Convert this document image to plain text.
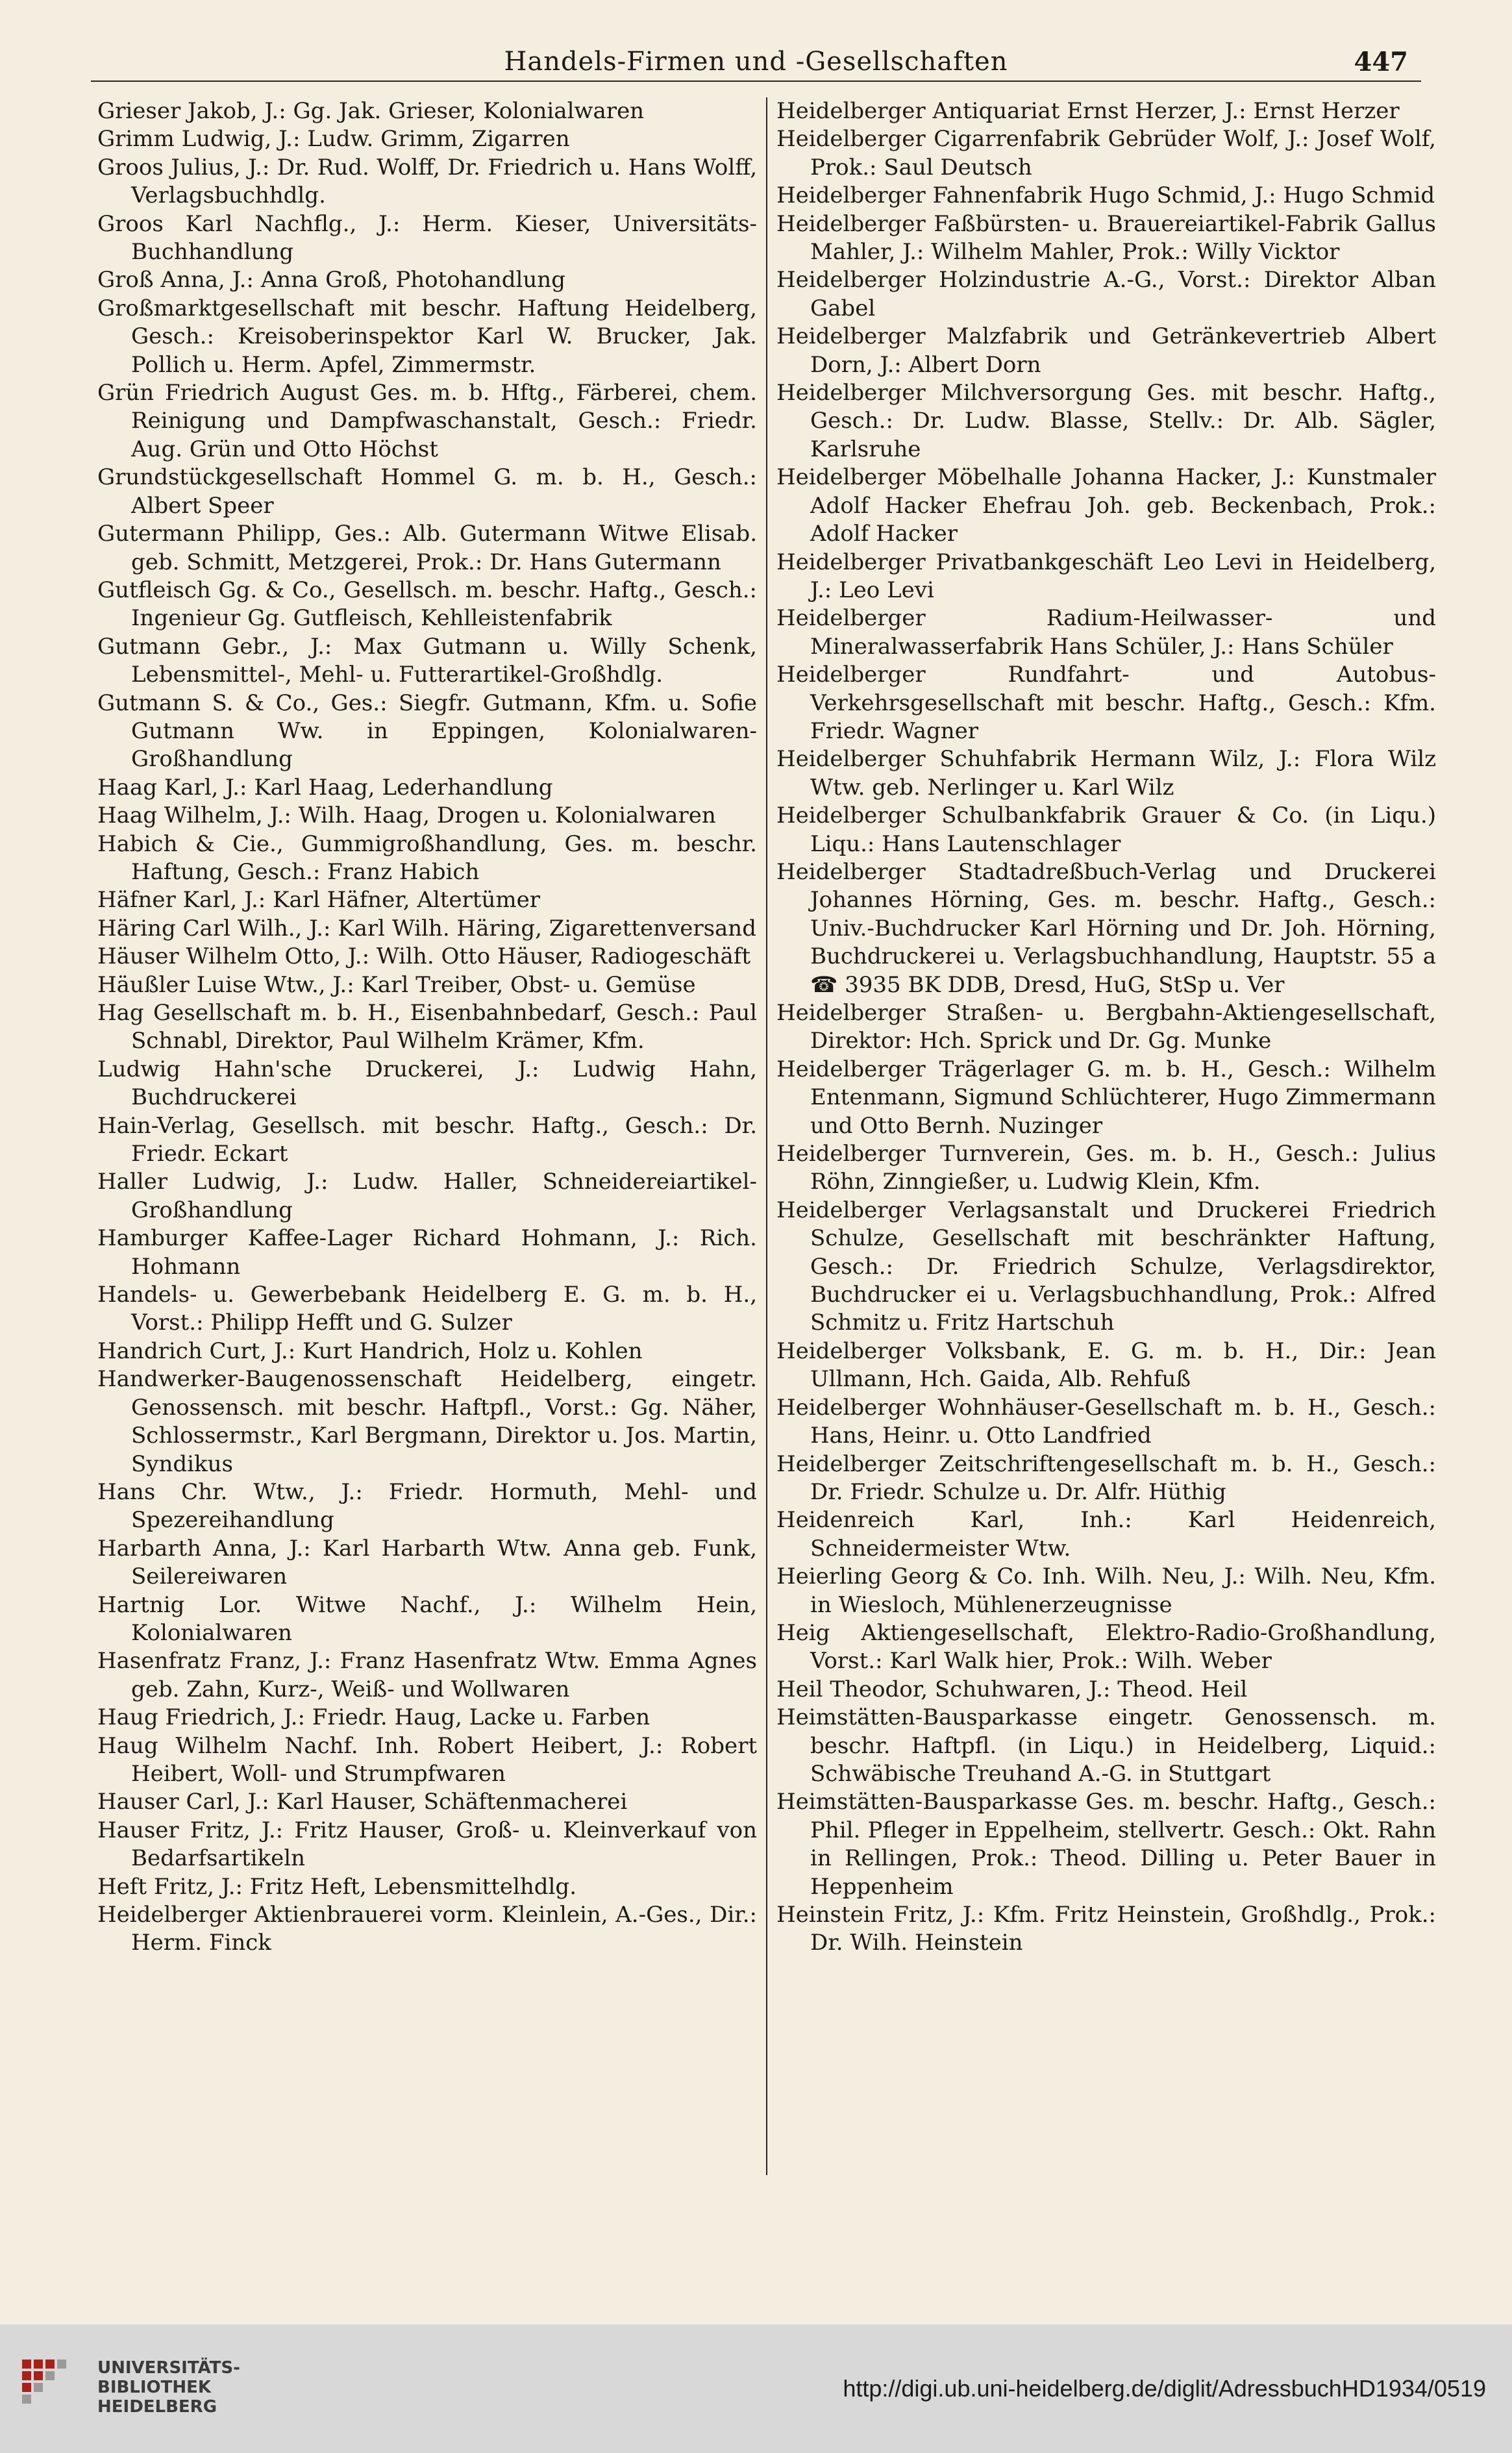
Handels-Firmen und -Gesellschaften	447
Grieser Jakob, J.: Gg. Jak. Grieser, Kolonialwaren
Grimm Ludwig, J.: Ludw. Grimm, Zigarren
Groos Julius, J.: Dr. Rud. Wolff, Dr. Friedrich u. Hans Wolff, Verlagsbuchhdlg.
Groos Karl Nachflg., J.: Herm. Kieser, Universitäts-Buchhandlung
Groß Anna, J.: Anna Groß, Photohandlung
Großmarktgesellschaft mit beschr. Haftung Heidelberg, Gesch.: Kreisoberinspektor Karl W. Brucker, Jak. Pollich u. Herm. Apfel, Zimmermstr.
Grün Friedrich August Ges. m. b. Hftg., Färberei, chem. Reinigung und Dampfwaschanstalt, Gesch.: Friedr. Aug. Grün und Otto Höchst
Grundstückgesellschaft Hommel G. m. b. H., Gesch.: Albert Speer
Gutermann Philipp, Ges.: Alb. Gutermann Witwe Elisab. geb. Schmitt, Metzgerei, Prok.: Dr. Hans Gutermann
Gutfleisch Gg. & Co., Gesellsch. m. beschr. Haftg., Gesch.: Ingenieur Gg. Gutfleisch, Kehlleistenfabrik
Gutmann Gebr., J.: Max Gutmann u. Willy Schenk, Lebensmittel-, Mehl- u. Futterartikel-Großhdlg.
Gutmann S. & Co., Ges.: Siegfr. Gutmann, Kfm. u. Sofie Gutmann Ww. in Eppingen, Kolonialwaren-Großhandlung
Haag Karl, J.: Karl Haag, Lederhandlung
Haag Wilhelm, J.: Wilh. Haag, Drogen u. Kolonialwaren
Habich & Cie., Gummigroßhandlung, Ges. m. beschr. Haftung, Gesch.: Franz Habich
Häfner Karl, J.: Karl Häfner, Altertümer
Häring Carl Wilh., J.: Karl Wilh. Häring, Zigarettenversand
Häuser Wilhelm Otto, J.: Wilh. Otto Häuser, Radiogeschäft
Häußler Luise Wtw., J.: Karl Treiber, Obst- u. Gemüse
Hag Gesellschaft m. b. H., Eisenbahnbedarf, Gesch.: Paul Schnabl, Direktor, Paul Wilhelm Krämer, Kfm.
Ludwig Hahn'sche Druckerei, J.: Ludwig Hahn, Buchdruckerei
Hain-Verlag, Gesellsch. mit beschr. Haftg., Gesch.: Dr. Friedr. Eckart
Haller Ludwig, J.: Ludw. Haller, Schneidereiartikel-Großhandlung
Hamburger Kaffee-Lager Richard Hohmann, J.: Rich. Hohmann
Handels- u. Gewerbebank Heidelberg E. G. m. b. H., Vorst.: Philipp Hefft und G. Sulzer
Handrich Curt, J.: Kurt Handrich, Holz u. Kohlen
Handwerker-Baugenossenschaft Heidelberg, eingetr. Genossensch. mit beschr. Haftpfl., Vorst.: Gg. Näher, Schlossermstr., Karl Bergmann, Direktor u. Jos. Martin, Syndikus
Hans Chr. Wtw., J.: Friedr. Hormuth, Mehl- und Spezereihandlung
Harbarth Anna, J.: Karl Harbarth Wtw. Anna geb. Funk, Seilereiwaren
Hartnig Lor. Witwe Nachf., J.: Wilhelm Hein, Kolonialwaren
Hasenfratz Franz, J.: Franz Hasenfratz Wtw. Emma Agnes geb. Zahn, Kurz-, Weiß- und Wollwaren
Haug Friedrich, J.: Friedr. Haug, Lacke u. Farben
Haug Wilhelm Nachf. Inh. Robert Heibert, J.: Robert Heibert, Woll- und Strumpfwaren
Hauser Carl, J.: Karl Hauser, Schäftenmacherei
Hauser Fritz, J.: Fritz Hauser, Groß- u. Kleinverkauf von Bedarfsartikeln
Heft Fritz, J.: Fritz Heft, Lebensmittelhdlg.
Heidelberger Aktienbrauerei vorm. Kleinlein, A.-Ges., Dir.: Herm. Finck
Heidelberger Antiquariat Ernst Herzer, J.: Ernst Herzer
Heidelberger Cigarrenfabrik Gebrüder Wolf, J.: Josef Wolf, Prok.: Saul Deutsch
Heidelberger Fahnenfabrik Hugo Schmid, J.: Hugo Schmid
Heidelberger Faßbürsten- u. Brauereiartikel-Fabrik Gallus Mahler, J.: Wilhelm Mahler, Prok.: Willy Vicktor
Heidelberger Holzindustrie A.-G., Vorst.: Direktor Alban Gabel
Heidelberger Malzfabrik und Getränkevertrieb Albert Dorn, J.: Albert Dorn
Heidelberger Milchversorgung Ges. mit beschr. Haftg., Gesch.: Dr. Ludw. Blasse, Stellv.: Dr. Alb. Sägler, Karlsruhe
Heidelberger Möbelhalle Johanna Hacker, J.: Kunstmaler Adolf Hacker Ehefrau Joh. geb. Beckenbach, Prok.: Adolf Hacker
Heidelberger Privatbankgeschäft Leo Levi in Heidelberg, J.: Leo Levi
Heidelberger Radium-Heilwasser- und Mineralwasserfabrik Hans Schüler, J.: Hans Schüler
Heidelberger Rundfahrt- und Autobus-Verkehrsgesellschaft mit beschr. Haftg., Gesch.: Kfm. Friedr. Wagner
Heidelberger Schuhfabrik Hermann Wilz, J.: Flora Wilz Wtw. geb. Nerlinger u. Karl Wilz
Heidelberger Schulbankfabrik Grauer & Co. (in Liqu.) Liqu.: Hans Lautenschlager
Heidelberger Stadtadreßbuch-Verlag und Druckerei Johannes Hörning, Ges. m. beschr. Haftg., Gesch.: Univ.-Buchdrucker Karl Hörning und Dr. Joh. Hörning, Buchdruckerei u. Verlagsbuchhandlung, Hauptstr. 55 a ☎ 3935 BK DDB, Dresd, HuG, StSp u. Ver
Heidelberger Straßen- u. Bergbahn-Aktiengesellschaft, Direktor: Hch. Sprick und Dr. Gg. Munke
Heidelberger Trägerlager G. m. b. H., Gesch.: Wilhelm Entenmann, Sigmund Schlüchterer, Hugo Zimmermann und Otto Bernh. Nuzinger
Heidelberger Turnverein, Ges. m. b. H., Gesch.: Julius Röhn, Zinngießer, u. Ludwig Klein, Kfm.
Heidelberger Verlagsanstalt und Druckerei Friedrich Schulze, Gesellschaft mit beschränkter Haftung, Gesch.: Dr. Friedrich Schulze, Verlagsdirektor, Buchdrucker ei u. Verlagsbuchhandlung, Prok.: Alfred Schmitz u. Fritz Hartschuh
Heidelberger Volksbank, E. G. m. b. H., Dir.: Jean Ullmann, Hch. Gaida, Alb. Rehfuß
Heidelberger Wohnhäuser-Gesellschaft m. b. H., Gesch.: Hans, Heinr. u. Otto Landfried
Heidelberger Zeitschriftengesellschaft m. b. H., Gesch.: Dr. Friedr. Schulze u. Dr. Alfr. Hüthig
Heidenreich Karl, Inh.: Karl Heidenreich, Schneidermeister Wtw.
Heierling Georg & Co. Inh. Wilh. Neu, J.: Wilh. Neu, Kfm. in Wiesloch, Mühlenerzeugnisse
Heig Aktiengesellschaft, Elektro-Radio-Großhandlung, Vorst.: Karl Walk hier, Prok.: Wilh. Weber
Heil Theodor, Schuhwaren, J.: Theod. Heil
Heimstätten-Bausparkasse eingetr. Genossensch. m. beschr. Haftpfl. (in Liqu.) in Heidelberg, Liquid.: Schwäbische Treuhand A.-G. in Stuttgart
Heimstätten-Bausparkasse Ges. m. beschr. Haftg., Gesch.: Phil. Pfleger in Eppelheim, stellvertr. Gesch.: Okt. Rahn in Rellingen, Prok.: Theod. Dilling u. Peter Bauer in Heppenheim
Heinstein Fritz, J.: Kfm. Fritz Heinstein, Großhdlg., Prok.: Dr. Wilh. Heinstein
UNIVERSITÄTS-
BIBLIOTHEK
HEIDELBERG
http://digi.ub.uni-heidelberg.de/diglit/AdressbuchHD1934/0519
